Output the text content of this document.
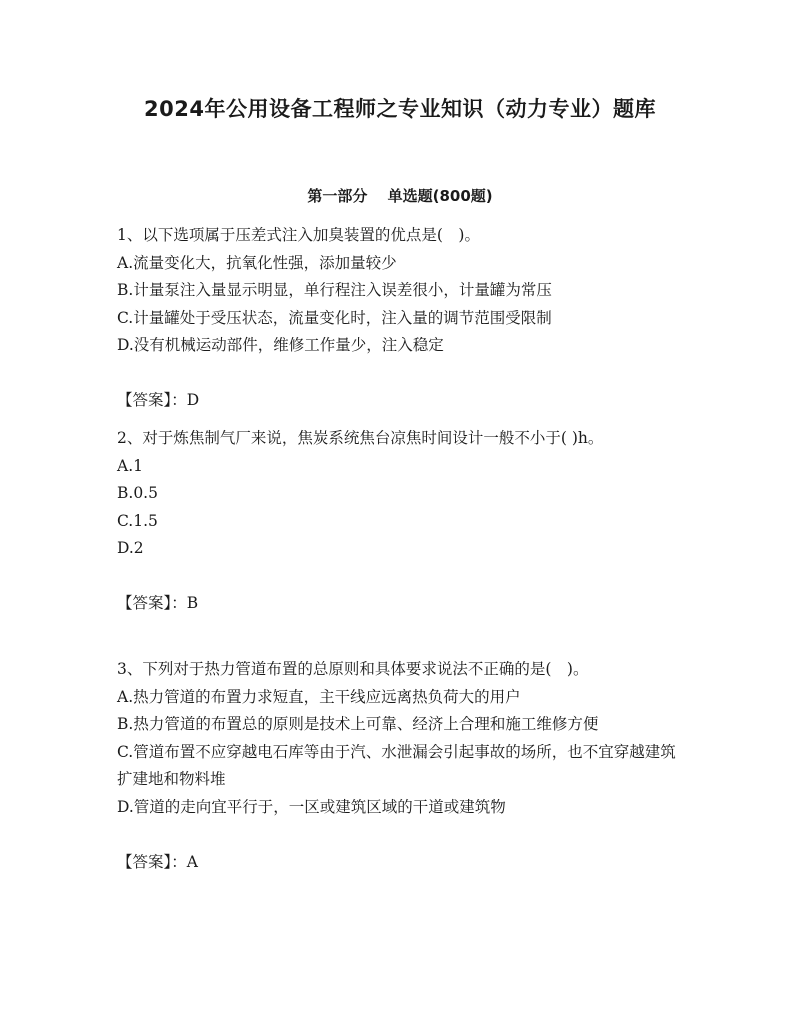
2024年公用设备工程师之专业知识（动力专业）题库
第一部分　 单选题(800题)
1、以下选项属于压差式注入加臭装置的优点是(　)。
A.流量变化大，抗氧化性强，添加量较少
B.计量泵注入量显示明显，单行程注入误差很小，计量罐为常压
C.计量罐处于受压状态，流量变化时，注入量的调节范围受限制
D.没有机械运动部件，维修工作量少，注入稳定
【答案】：D
2、对于炼焦制气厂来说，焦炭系统焦台凉焦时间设计一般不小于( )h。
A.1
B.0.5
C.1.5
D.2
【答案】：B
3、下列对于热力管道布置的总原则和具体要求说法不正确的是(　)。
A.热力管道的布置力求短直，主干线应远离热负荷大的用户
B.热力管道的布置总的原则是技术上可靠、经济上合理和施工维修方便
C.管道布置不应穿越电石库等由于汽、水泄漏会引起事故的场所，也不宜穿越建筑扩建地和物料堆
D.管道的走向宜平行于，一区或建筑区域的干道或建筑物
【答案】：A
